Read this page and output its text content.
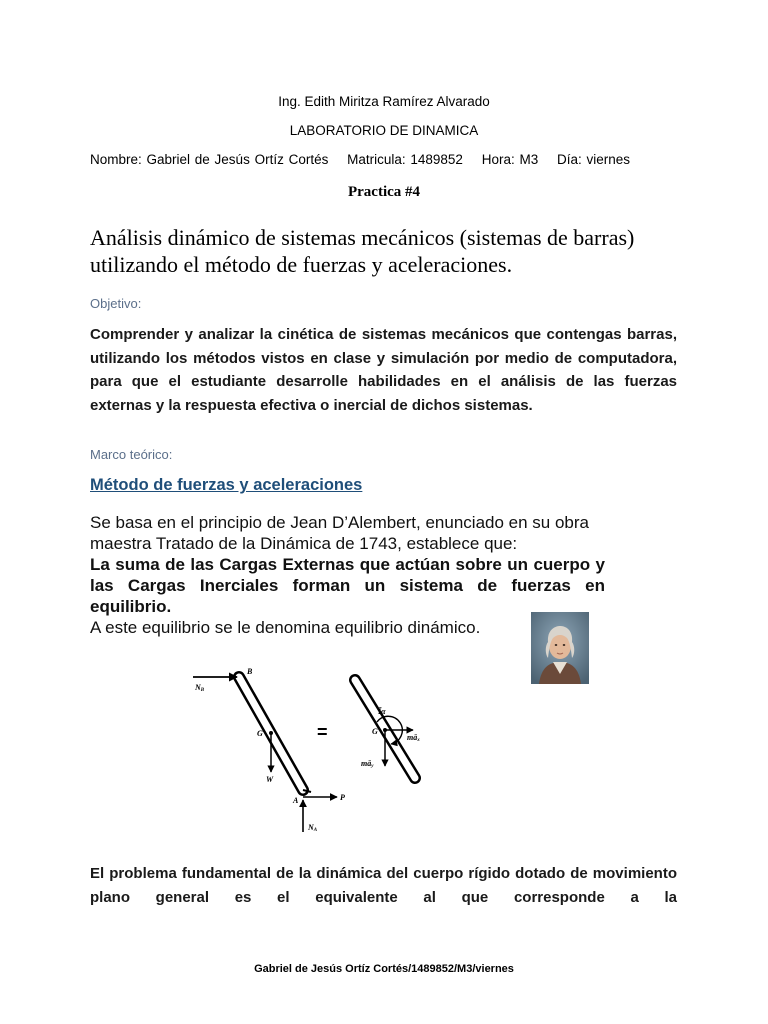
Ing. Edith Miritza Ramírez Alvarado
LABORATORIO DE DINAMICA
Nombre: Gabriel de Jesús Ortíz Cortés Matricula: 1489852 Hora: M3 Día: viernes
Practica #4
Análisis dinámico de sistemas mecánicos (sistemas de barras) utilizando el método de fuerzas y aceleraciones.
Objetivo:
Comprender y analizar la cinética de sistemas mecánicos que contengas barras, utilizando los métodos vistos en clase y simulación por medio de computadora, para que el estudiante desarrolle habilidades en el análisis de las fuerzas externas y la respuesta efectiva o inercial de dichos sistemas.
Marco teórico:
Método de fuerzas y aceleraciones

Se basa en el principio de Jean D’Alembert, enunciado en su obra maestra Tratado de la Dinámica de 1743, establece que:

La suma de las Cargas Externas que actúan sobre un cuerpo y las Cargas Inerciales forman un sistema de fuerzas en equilibrio.

A este equilibrio se le denomina equilibrio dinámico.

NB
B
G
W
A	P
NA
=	G
Īα
māx
māy
El problema fundamental de la dinámica del cuerpo rígido dotado de movimiento plano general es el equivalente al que corresponde a la
Gabriel de Jesús Ortíz Cortés/1489852/M3/viernes
